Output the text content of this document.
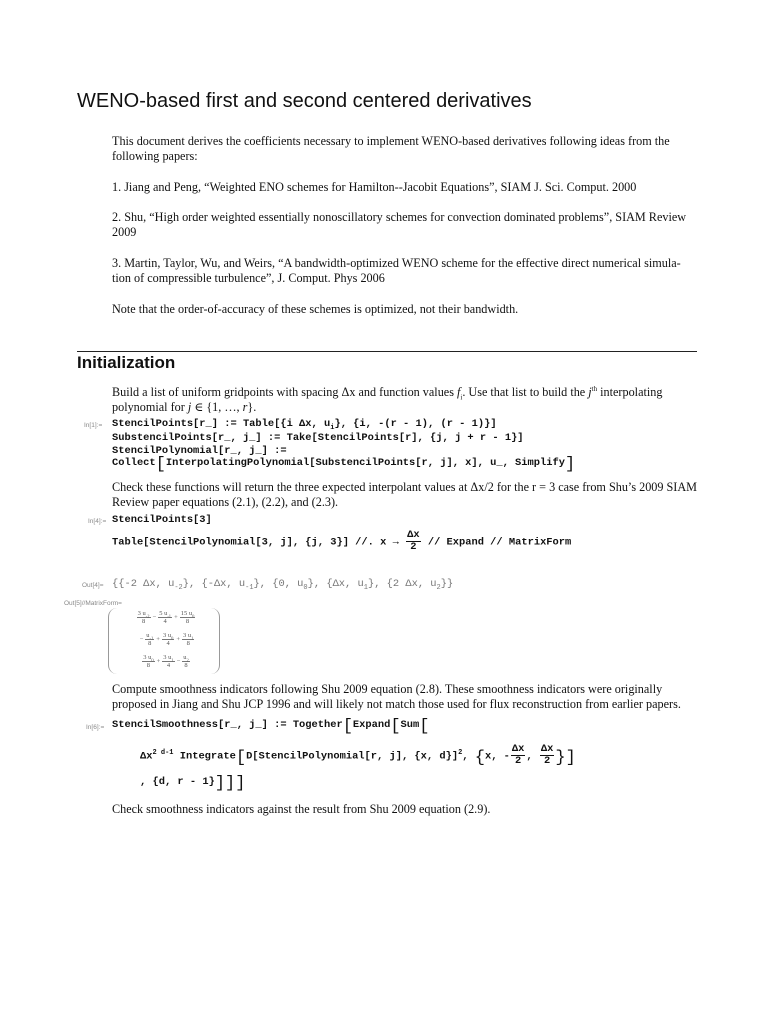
WENO-based first and second centered derivatives

This document derives the coefficients necessary to implement WENO-based derivatives following ideas from the following papers:

1. Jiang and Peng, “Weighted ENO schemes for Hamilton--Jacobit Equations”, SIAM J. Sci. Comput. 2000

2. Shu, “High order weighted essentially nonoscillatory schemes for convection dominated problems”, SIAM Review 2009

3. Martin, Taylor, Wu, and Weirs, “A bandwidth-optimized WENO scheme for the effective direct numerical simula-tion of compressible turbulence”, J. Comput. Phys 2006

Note that the order-of-accuracy of these schemes is optimized, not their bandwidth.

Initialization

Build a list of uniform gridpoints with spacing Δx and function values $f_i$. Use that list to build the $j^{th}$ interpolating polynomial for j ∈ {1, …, r}.

In[1]:= StencilPoints[r_] := Table[{i Δx, $u_i$}, {i, -(r - 1), (r - 1)}]
SubstencilPoints[r_, j_] := Take[StencilPoints[r], {j, j + r - 1}]
StencilPolynomial[r_, j_] :=
Collect[InterpolatingPolynomial[SubstencilPoints[r, j], x], u_, Simplify]

Check these functions will return the three expected interpolant values at Δx/2 for the r = 3 case from Shu’s 2009 SIAM Review paper equations (2.1), (2.2), and (2.3).

In[4]:= StencilPoints[3]
Table[StencilPolynomial[3, j], {j, 3}] //. $x \to \frac{\Delta x}{2}$ // Expand // MatrixForm
Out[4]= {{-2 Δx, $u_{-2}$}, {-Δx, $u_{-1}$}, {0, $u_0$}, {Δx, $u_1$}, {2 Δx, $u_2$}}
Out[5]//MatrixForm=
$\frac{3 u_{-2}}{8} - \frac{5 u_{-1}}{4} + \frac{15 u_0}{8}$
− $\frac{u_{-1}}{8} + \frac{3 u_0}{4} + \frac{3 u_1}{8}$
$\frac{3 u_0}{8} + \frac{3 u_1}{4} - \frac{u_2}{8}$

Compute smoothness indicators following Shu 2009 equation (2.8). These smoothness indicators were originally proposed in Jiang and Shu JCP 1996 and will likely not match those used for flux reconstruction from earlier papers.

In[6]:= StencilSmoothness[r_, j_] := Together[Expand[Sum[
$\Delta x^{2 d-1}$ Integrate[D[StencilPolynomial[r, j], {x, d}]$^2$, {x, - $\frac{\Delta x}{2}$ , $\frac{\Delta x}{2}$ }]
, {d, r - 1}]]]

Check smoothness indicators against the result from Shu 2009 equation (2.9).
